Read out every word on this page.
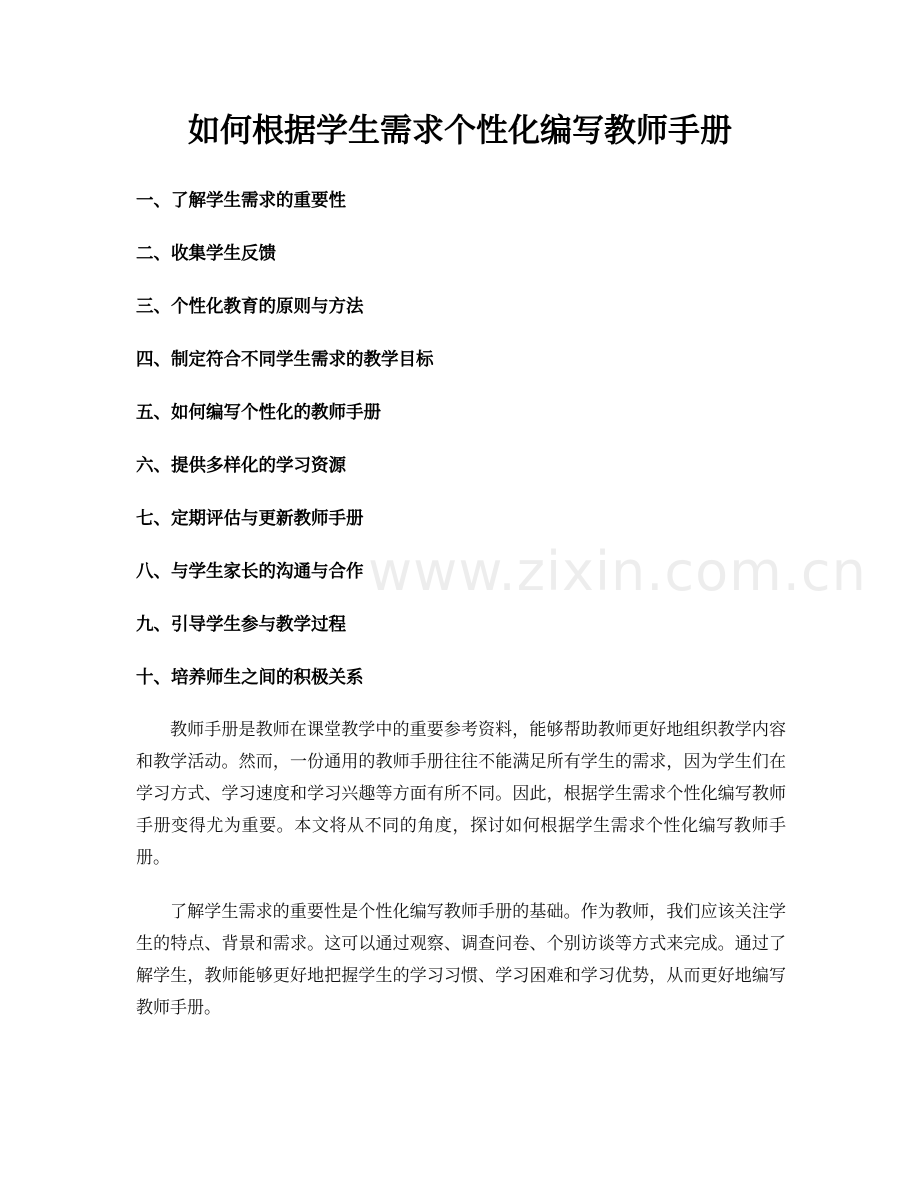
如何根据学生需求个性化编写教师手册
一、了解学生需求的重要性
二、收集学生反馈
三、个性化教育的原则与方法
四、制定符合不同学生需求的教学目标
五、如何编写个性化的教师手册
六、提供多样化的学习资源
七、定期评估与更新教师手册
八、与学生家长的沟通与合作
九、引导学生参与教学过程
十、培养师生之间的积极关系

教师手册是教师在课堂教学中的重要参考资料，能够帮助教师更好地组织教学内容和教学活动。然而，一份通用的教师手册往往不能满足所有学生的需求，因为学生们在学习方式、学习速度和学习兴趣等方面有所不同。因此，根据学生需求个性化编写教师手册变得尤为重要。本文将从不同的角度，探讨如何根据学生需求个性化编写教师手册。

了解学生需求的重要性是个性化编写教师手册的基础。作为教师，我们应该关注学生的特点、背景和需求。这可以通过观察、调查问卷、个别访谈等方式来完成。通过了解学生，教师能够更好地把握学生的学习习惯、学习困难和学习优势，从而更好地编写教师手册。

www.zixin.com.cn
